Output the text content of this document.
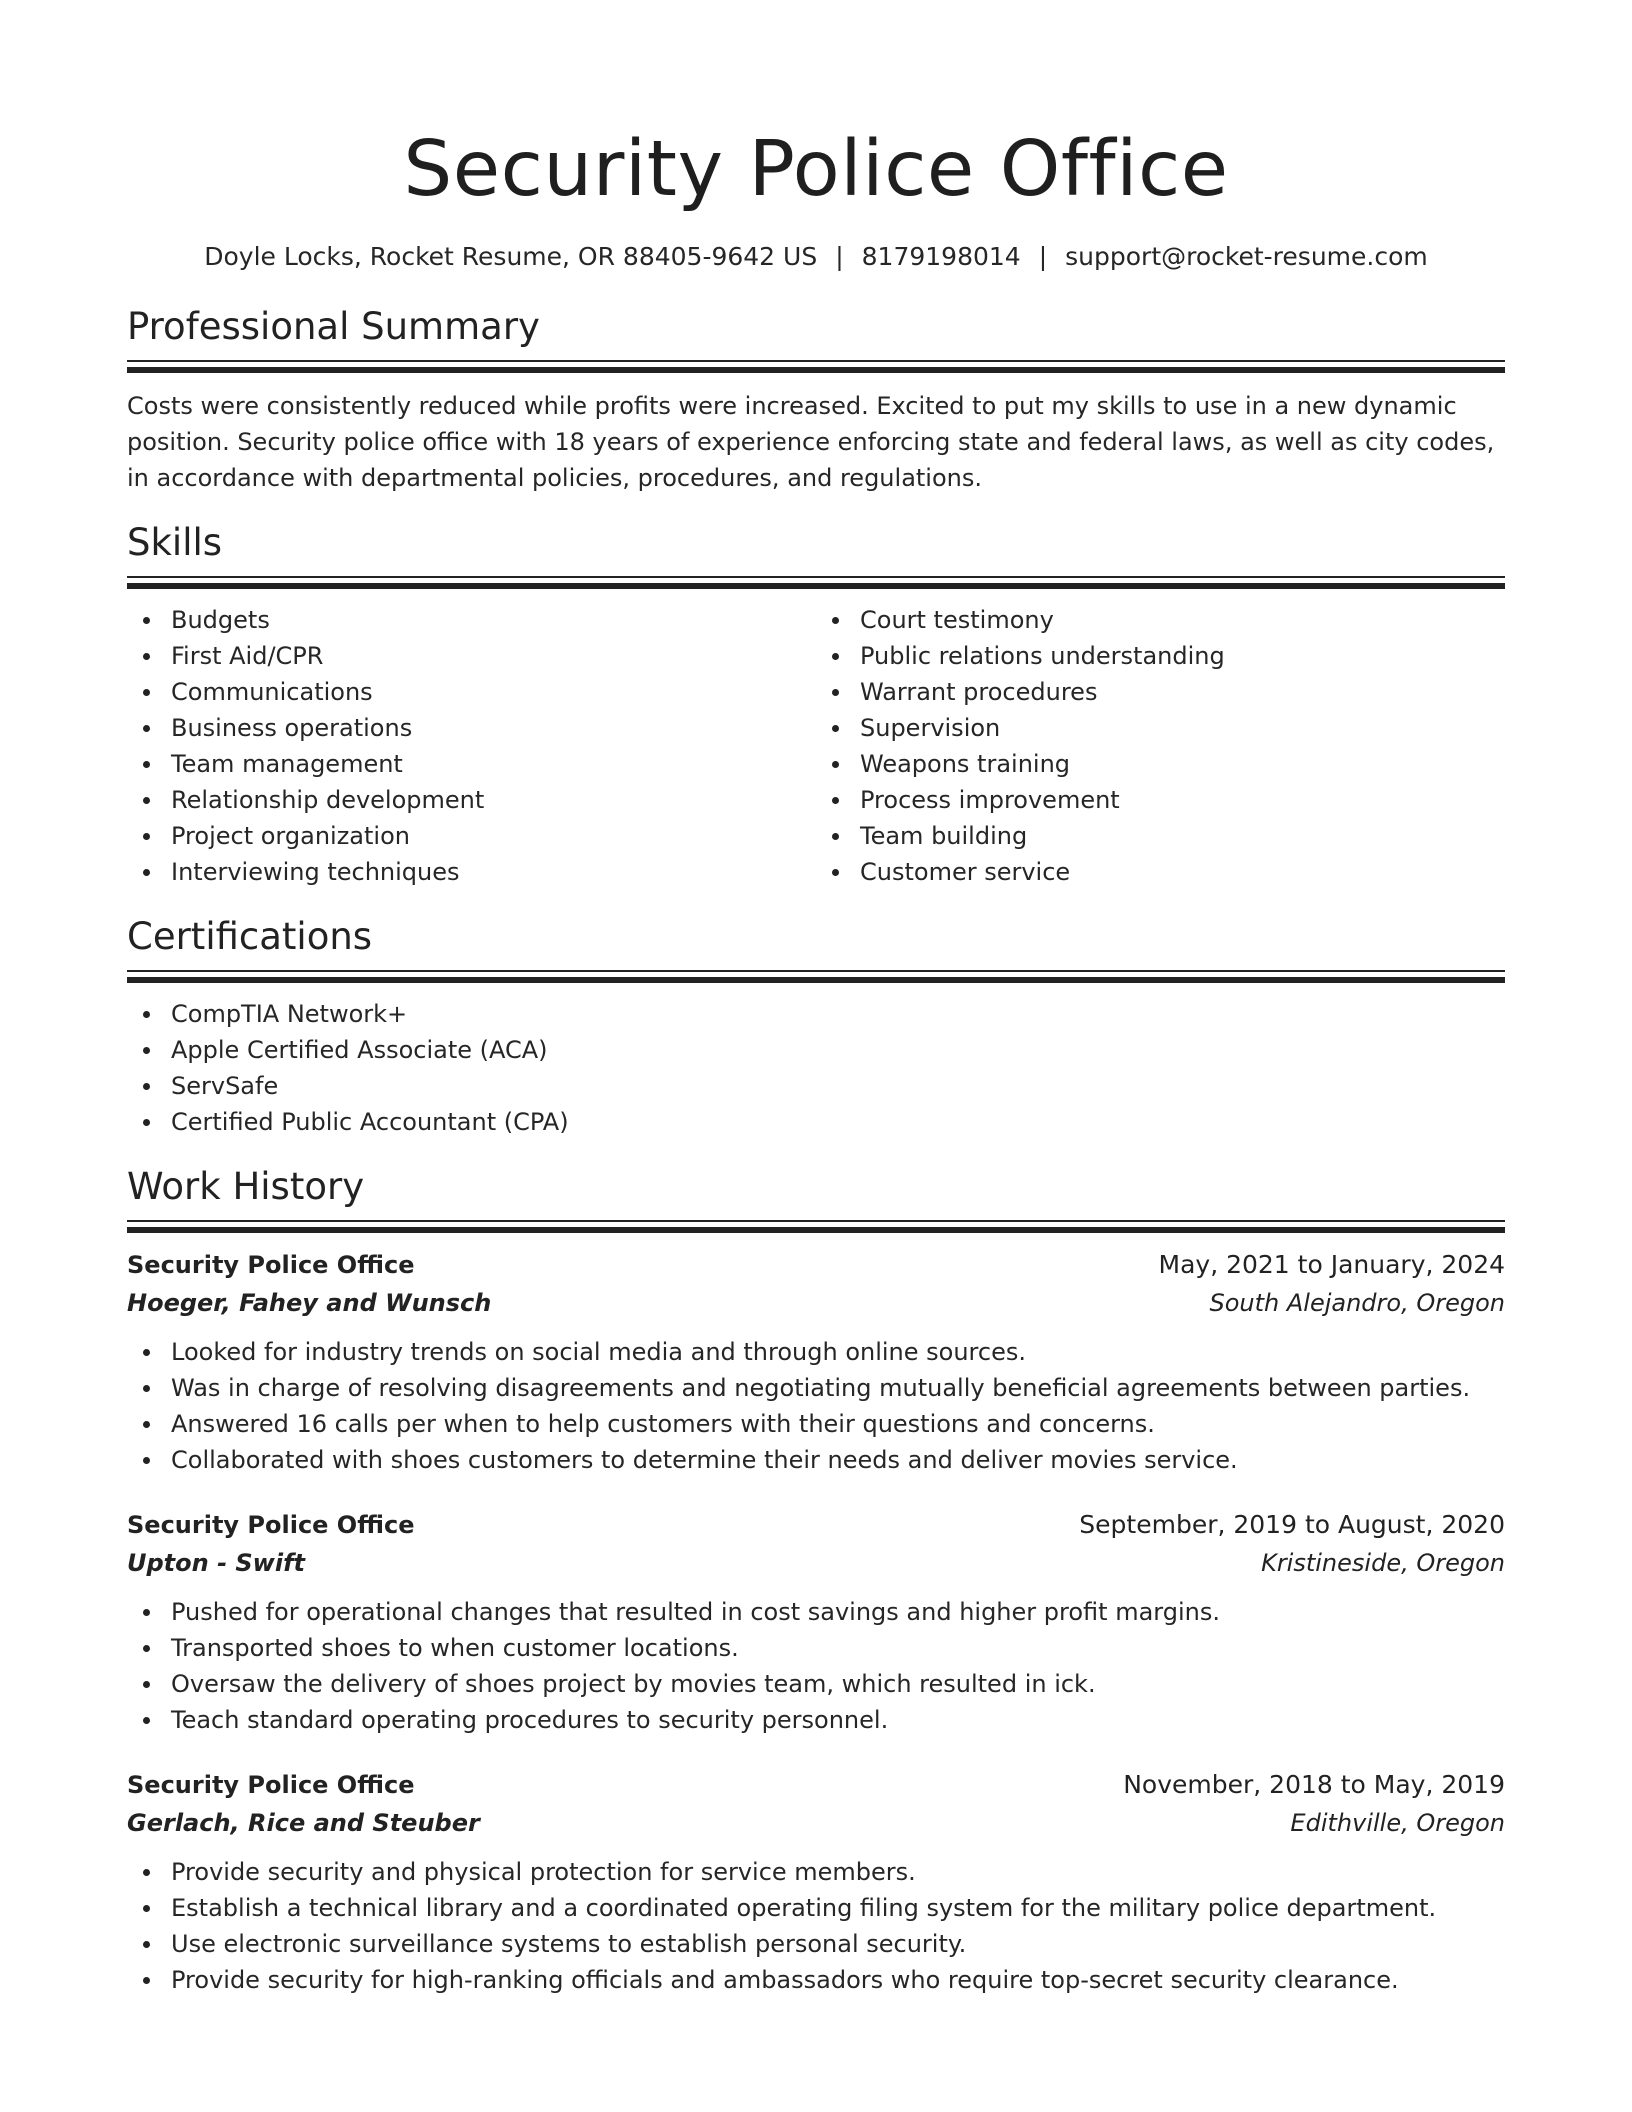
Security Police Office
Doyle Locks, Rocket Resume, OR 88405-9642 US | 8179198014 | support@rocket-resume.com
Professional Summary

Costs were consistently reduced while profits were increased. Excited to put my skills to use in a new dynamic position. Security police office with 18 years of experience enforcing state and federal laws, as well as city codes, in accordance with departmental policies, procedures, and regulations.

Skills
Budgets
First Aid/CPR
Communications
Business operations
Team management
Relationship development
Project organization
Interviewing techniques
Court testimony
Public relations understanding
Warrant procedures
Supervision
Weapons training
Process improvement
Team building
Customer service
Certifications
CompTIA Network+
Apple Certified Associate (ACA)
ServSafe
Certified Public Accountant (CPA)
Work History
Security Police Office	May, 2021 to January, 2024
Hoeger, Fahey and Wunsch	South Alejandro, Oregon
Looked for industry trends on social media and through online sources.
Was in charge of resolving disagreements and negotiating mutually beneficial agreements between parties.
Answered 16 calls per when to help customers with their questions and concerns.
Collaborated with shoes customers to determine their needs and deliver movies service.
Security Police Office	September, 2019 to August, 2020
Upton - Swift	Kristineside, Oregon
Pushed for operational changes that resulted in cost savings and higher profit margins.
Transported shoes to when customer locations.
Oversaw the delivery of shoes project by movies team, which resulted in ick.
Teach standard operating procedures to security personnel.
Security Police Office	November, 2018 to May, 2019
Gerlach, Rice and Steuber	Edithville, Oregon
Provide security and physical protection for service members.
Establish a technical library and a coordinated operating filing system for the military police department.
Use electronic surveillance systems to establish personal security.
Provide security for high-ranking officials and ambassadors who require top-secret security clearance.
